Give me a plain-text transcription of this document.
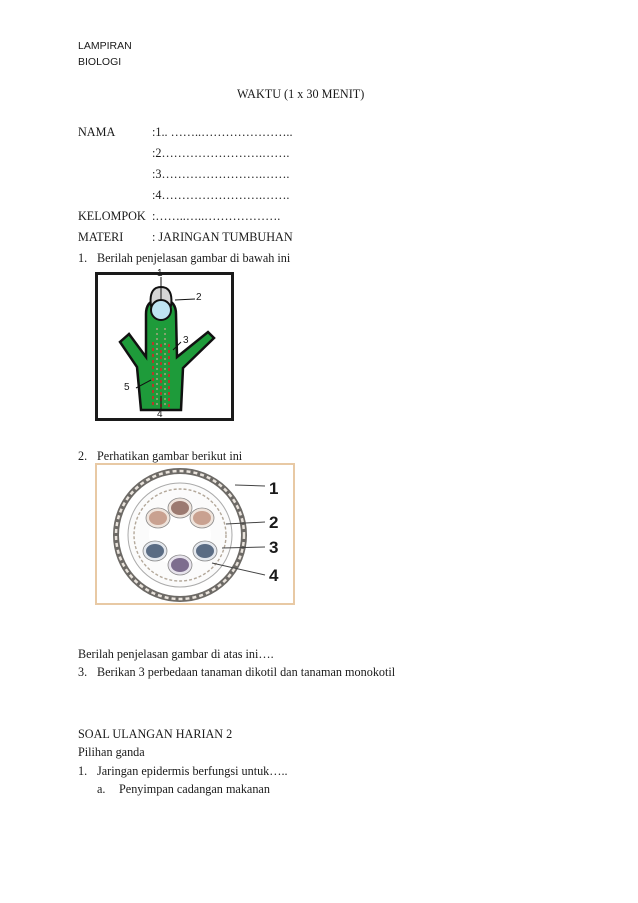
LAMPIRAN
BIOLOGI
WAKTU (1 x 30 MENIT)
NAMA	:1.. ……..…………………..
:2…………………….…….
:3…………………….…….
:4…………………….…….
KELOMPOK :……..…..……………….
MATERI : JARINGAN TUMBUHAN
1. Berilah penjelasan gambar di bawah ini
1
2
3
4
5
2. Perhatikan gambar berikut ini
1
2
3
4
Berilah penjelasan gambar di atas ini….
3. Berikan 3 perbedaan tanaman dikotil dan tanaman monokotil
SOAL ULANGAN HARIAN 2
Pilihan ganda
1. Jaringan epidermis berfungsi untuk…..
a. Penyimpan cadangan makanan
